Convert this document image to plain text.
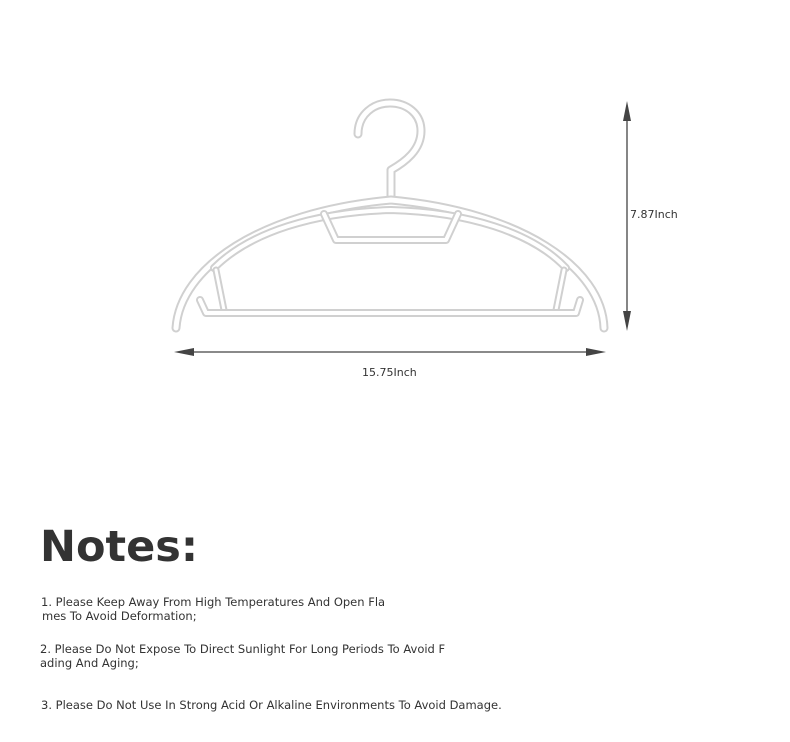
15.75Inch
7.87Inch
Notes:
1. Please Keep Away From High Temperatures And Open Fla
mes To Avoid Deformation;
2. Please Do Not Expose To Direct Sunlight For Long Periods To Avoid F
ading And Aging;
3. Please Do Not Use In Strong Acid Or Alkaline Environments To Avoid Damage.
